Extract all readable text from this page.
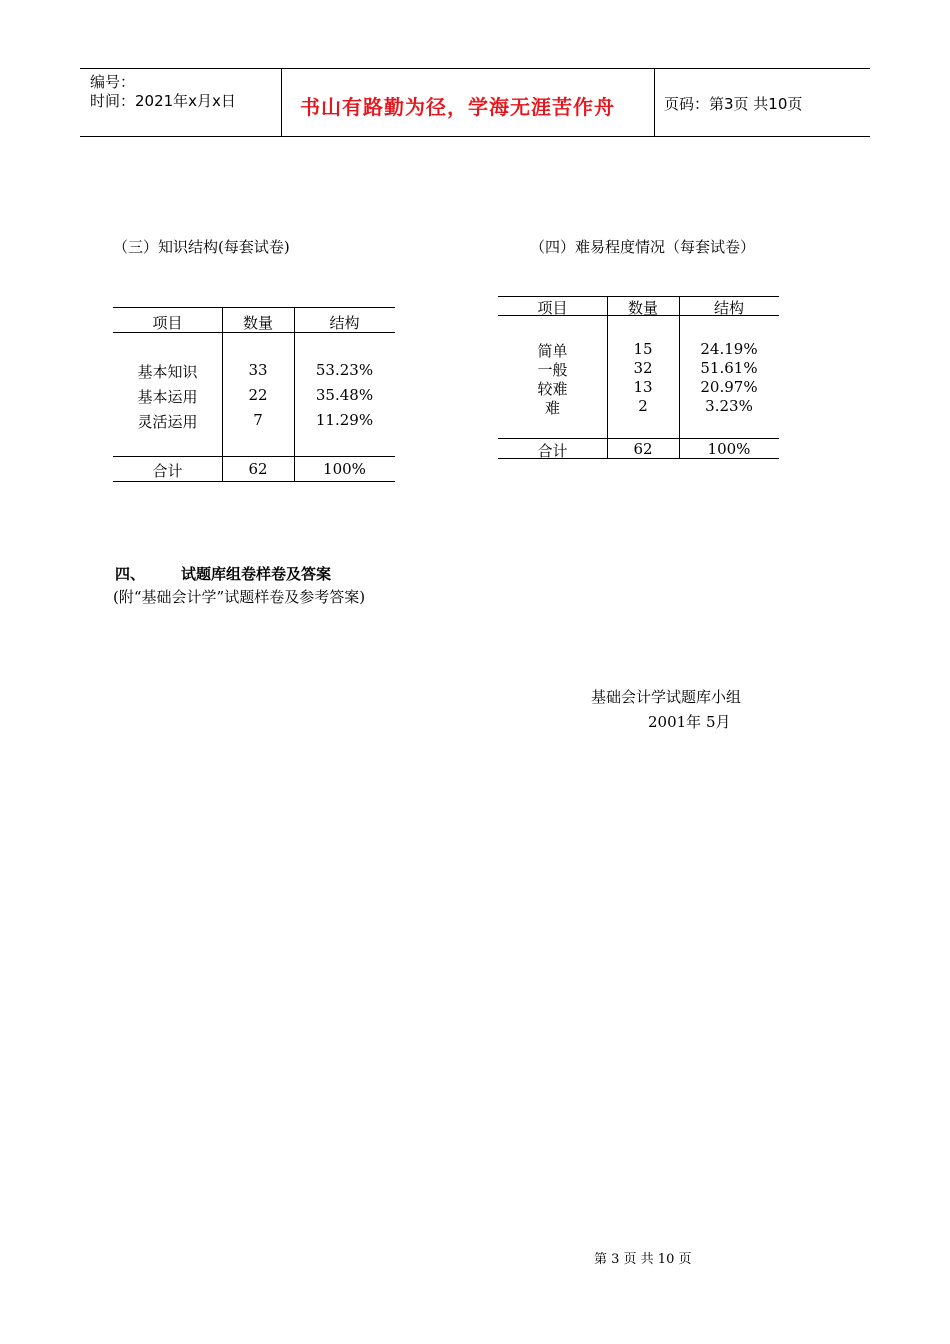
编号：
时间：2021年x月x日	书山有路勤为径，学海无涯苦作舟	页码：第3页 共10页
（三）知识结构(每套试卷)	（四）难易程度情况（每套试卷）
项目	数量	结构
基本知识	33	53.23%
基本运用	22	35.48%
灵活运用	7	11.29%
合计	62	100%
项目	数量	结构
简单	15	24.19%
一般	32	51.61%
较难	13	20.97%
难	2	3.23%
合计	62	100%
四、 试题库组卷样卷及答案
(附“基础会计学”试题样卷及参考答案)
基础会计学试题库小组
2001年 5月
第 3 页 共 10 页
